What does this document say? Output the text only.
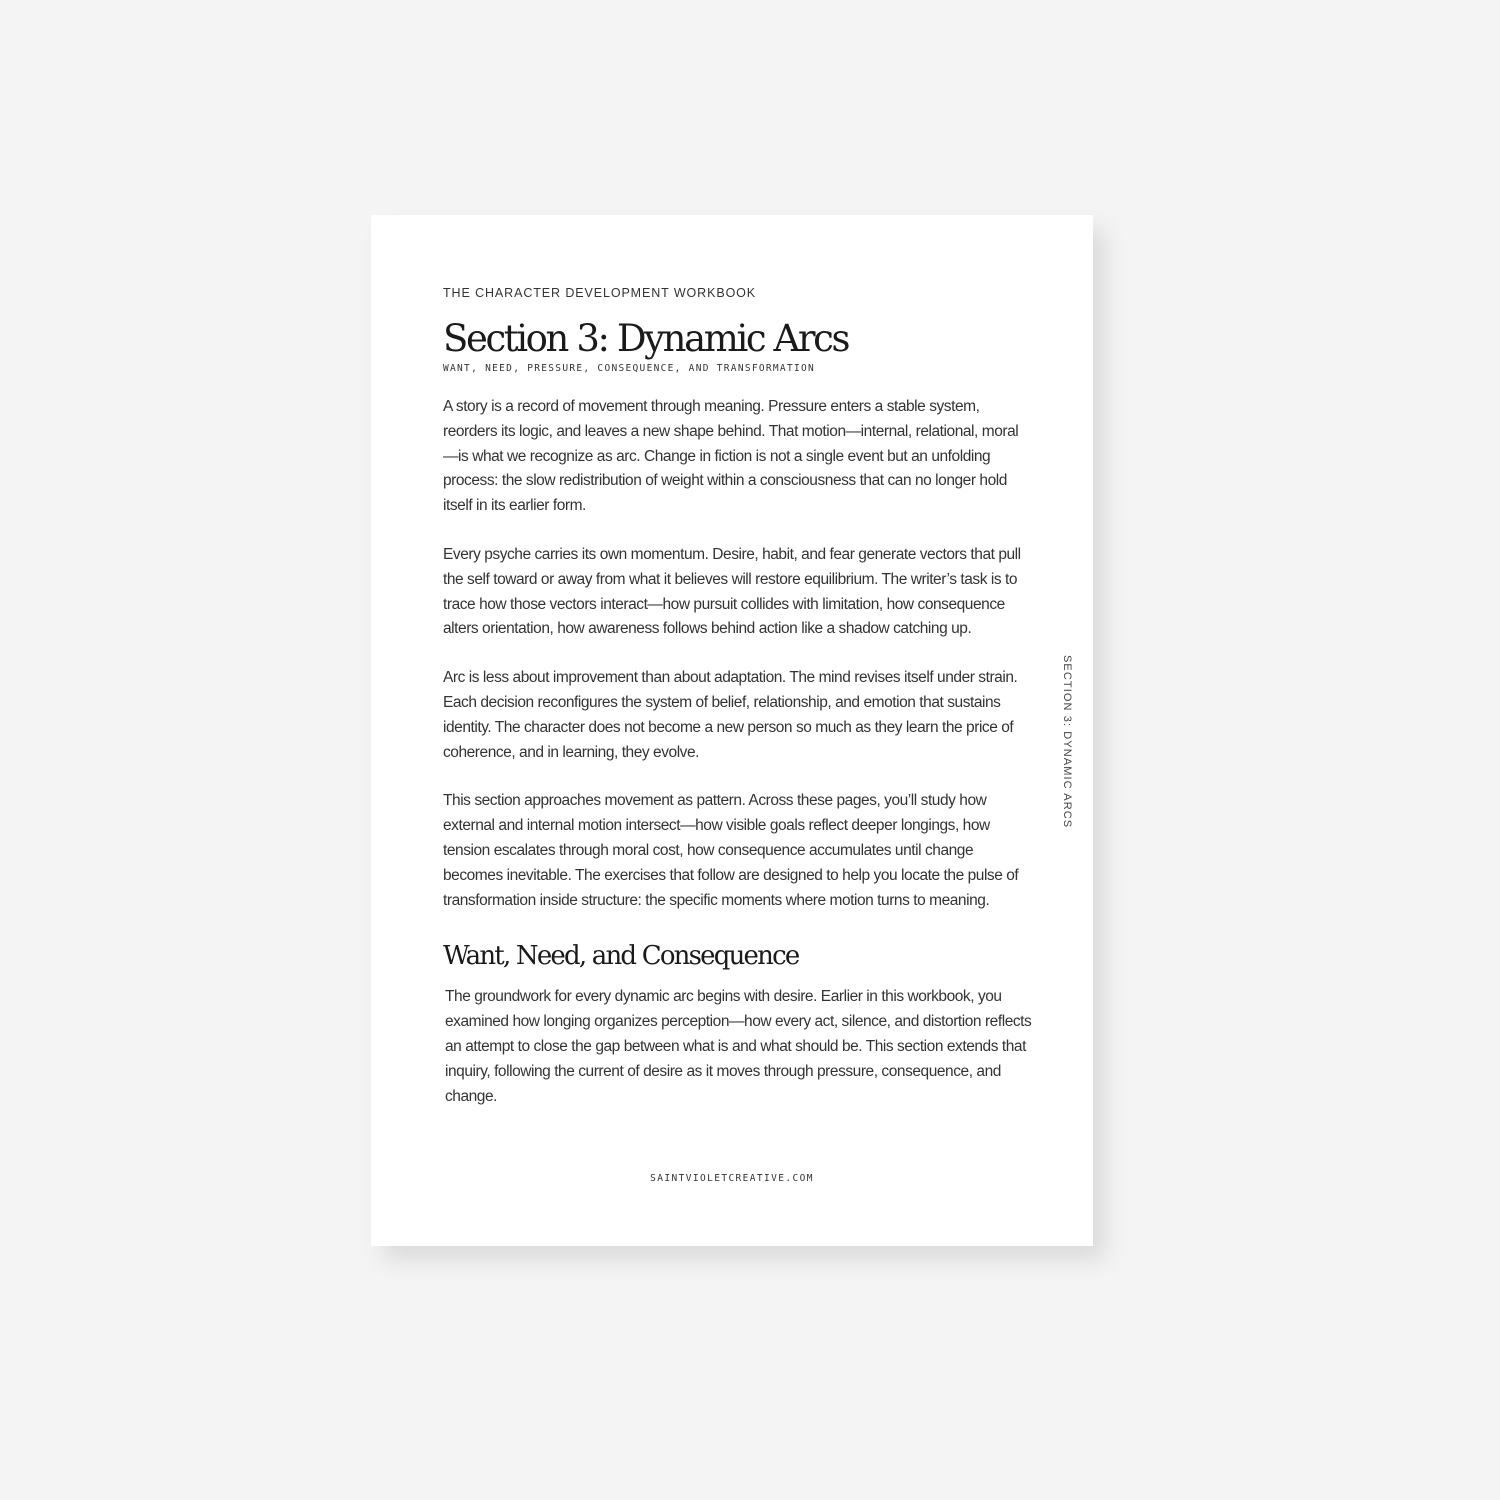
THE CHARACTER DEVELOPMENT WORKBOOK

Section 3: Dynamic Arcs

WANT, NEED, PRESSURE, CONSEQUENCE, AND TRANSFORMATION

A story is a record of movement through meaning. Pressure enters a stable system, reorders its logic, and leaves a new shape behind. That motion—internal, relational, moral—is what we recognize as arc. Change in fiction is not a single event but an unfolding process: the slow redistribution of weight within a consciousness that can no longer hold itself in its earlier form.

Every psyche carries its own momentum. Desire, habit, and fear generate vectors that pull the self toward or away from what it believes will restore equilibrium. The writer’s task is to trace how those vectors interact—how pursuit collides with limitation, how consequence alters orientation, how awareness follows behind action like a shadow catching up.

Arc is less about improvement than about adaptation. The mind revises itself under strain. Each decision reconfigures the system of belief, relationship, and emotion that sustains identity. The character does not become a new person so much as they learn the price of coherence, and in learning, they evolve.

This section approaches movement as pattern. Across these pages, you’ll study how external and internal motion intersect—how visible goals reflect deeper longings, how tension escalates through moral cost, how consequence accumulates until change becomes inevitable. The exercises that follow are designed to help you locate the pulse of transformation inside structure: the specific moments where motion turns to meaning.

Want, Need, and Consequence

The groundwork for every dynamic arc begins with desire. Earlier in this workbook, you examined how longing organizes perception—how every act, silence, and distortion reflects an attempt to close the gap between what is and what should be. This section extends that inquiry, following the current of desire as it moves through pressure, consequence, and change.

SECTION 3: DYNAMIC ARCS

SAINTVIOLETCREATIVE.COM
